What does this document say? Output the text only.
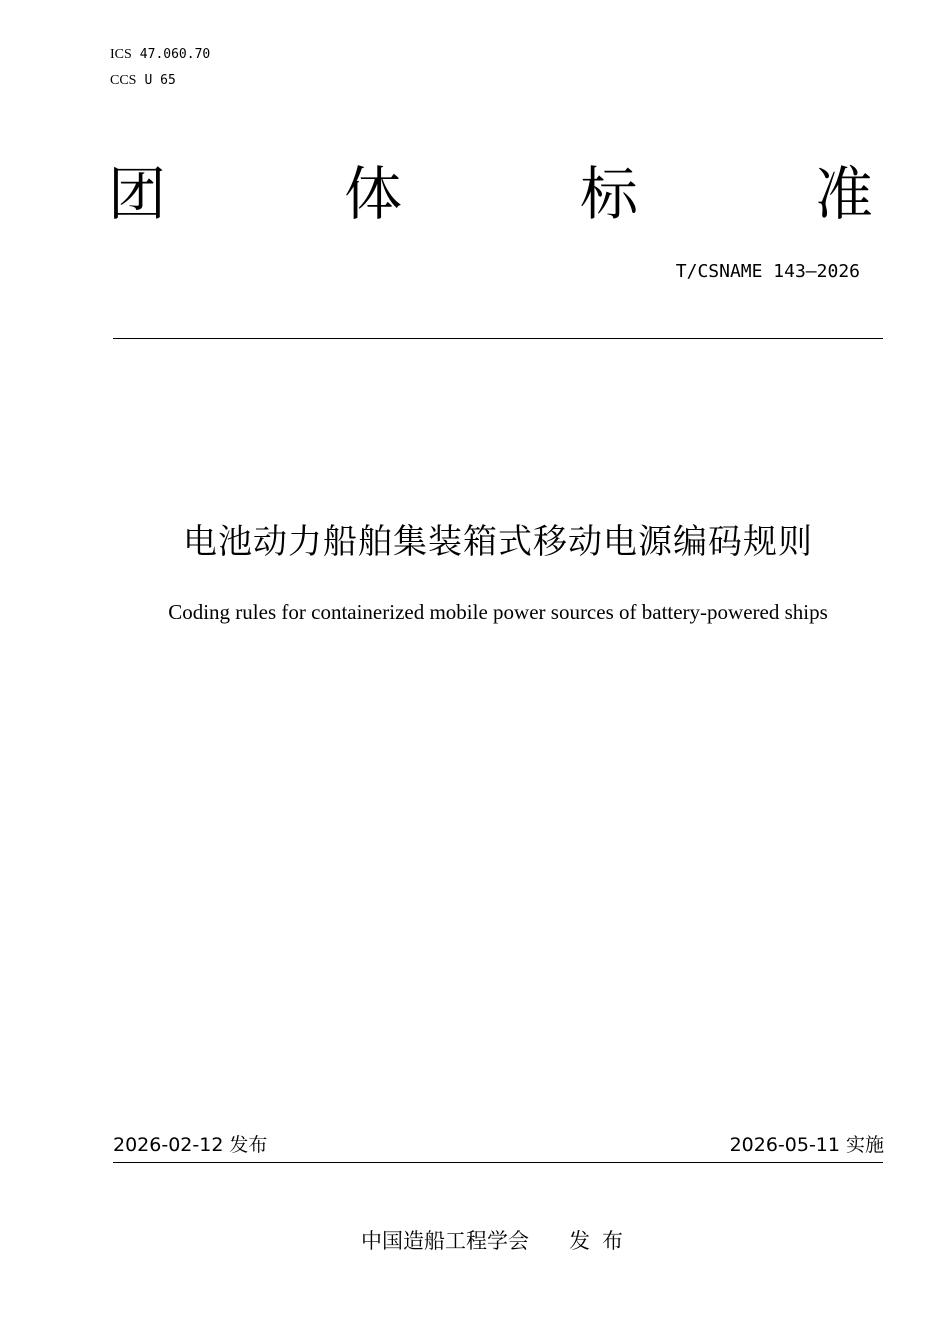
ICS 47.060.70
CCS U 65
团	体	标	准
T/CSNAME 143—2026
电池动力船舶集装箱式移动电源编码规则
Coding rules for containerized mobile power sources of battery-powered ships
2026-02-12 发布	2026-05-11 实施
中国造船工程学会 发布
